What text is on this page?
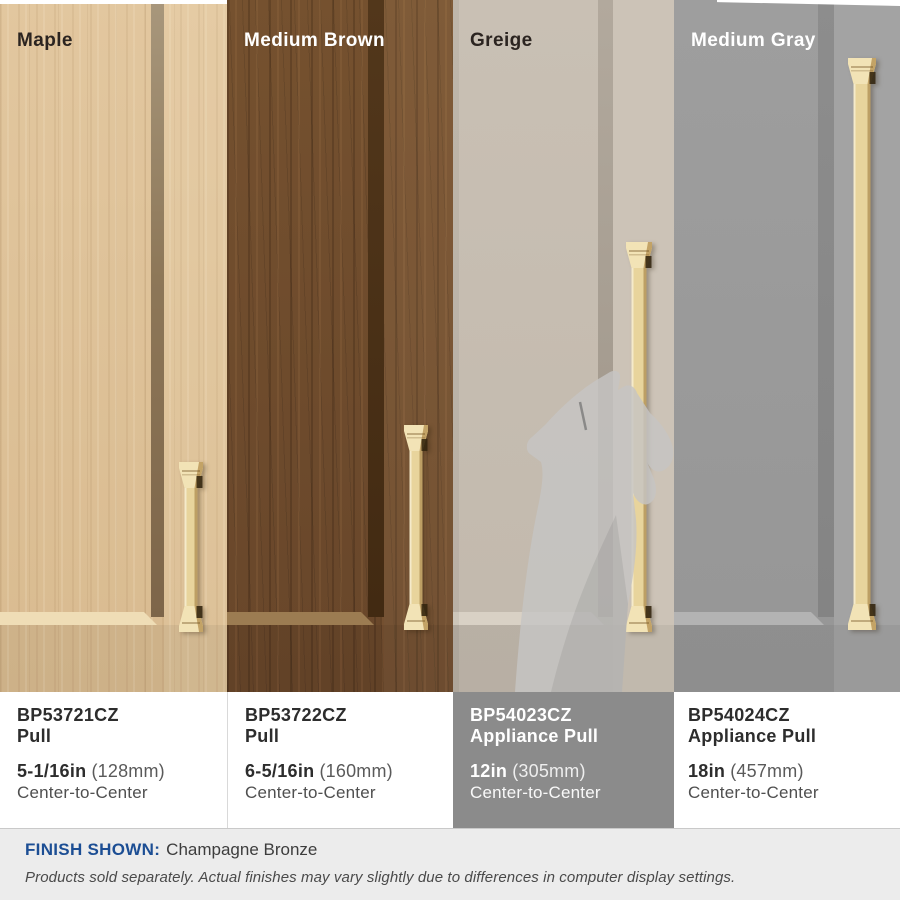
Maple	Medium Brown	Greige	Medium Gray
BP53721CZ
Pull
5-1/16in (128mm)
Center-to-Center
BP53722CZ
Pull
6-5/16in (160mm)
Center-to-Center
BP54023CZ
Appliance Pull
12in (305mm)
Center-to-Center
BP54024CZ
Appliance Pull
18in (457mm)
Center-to-Center
FINISH SHOWN: Champagne Bronze
Products sold separately. Actual finishes may vary slightly due to differences in computer display settings.
